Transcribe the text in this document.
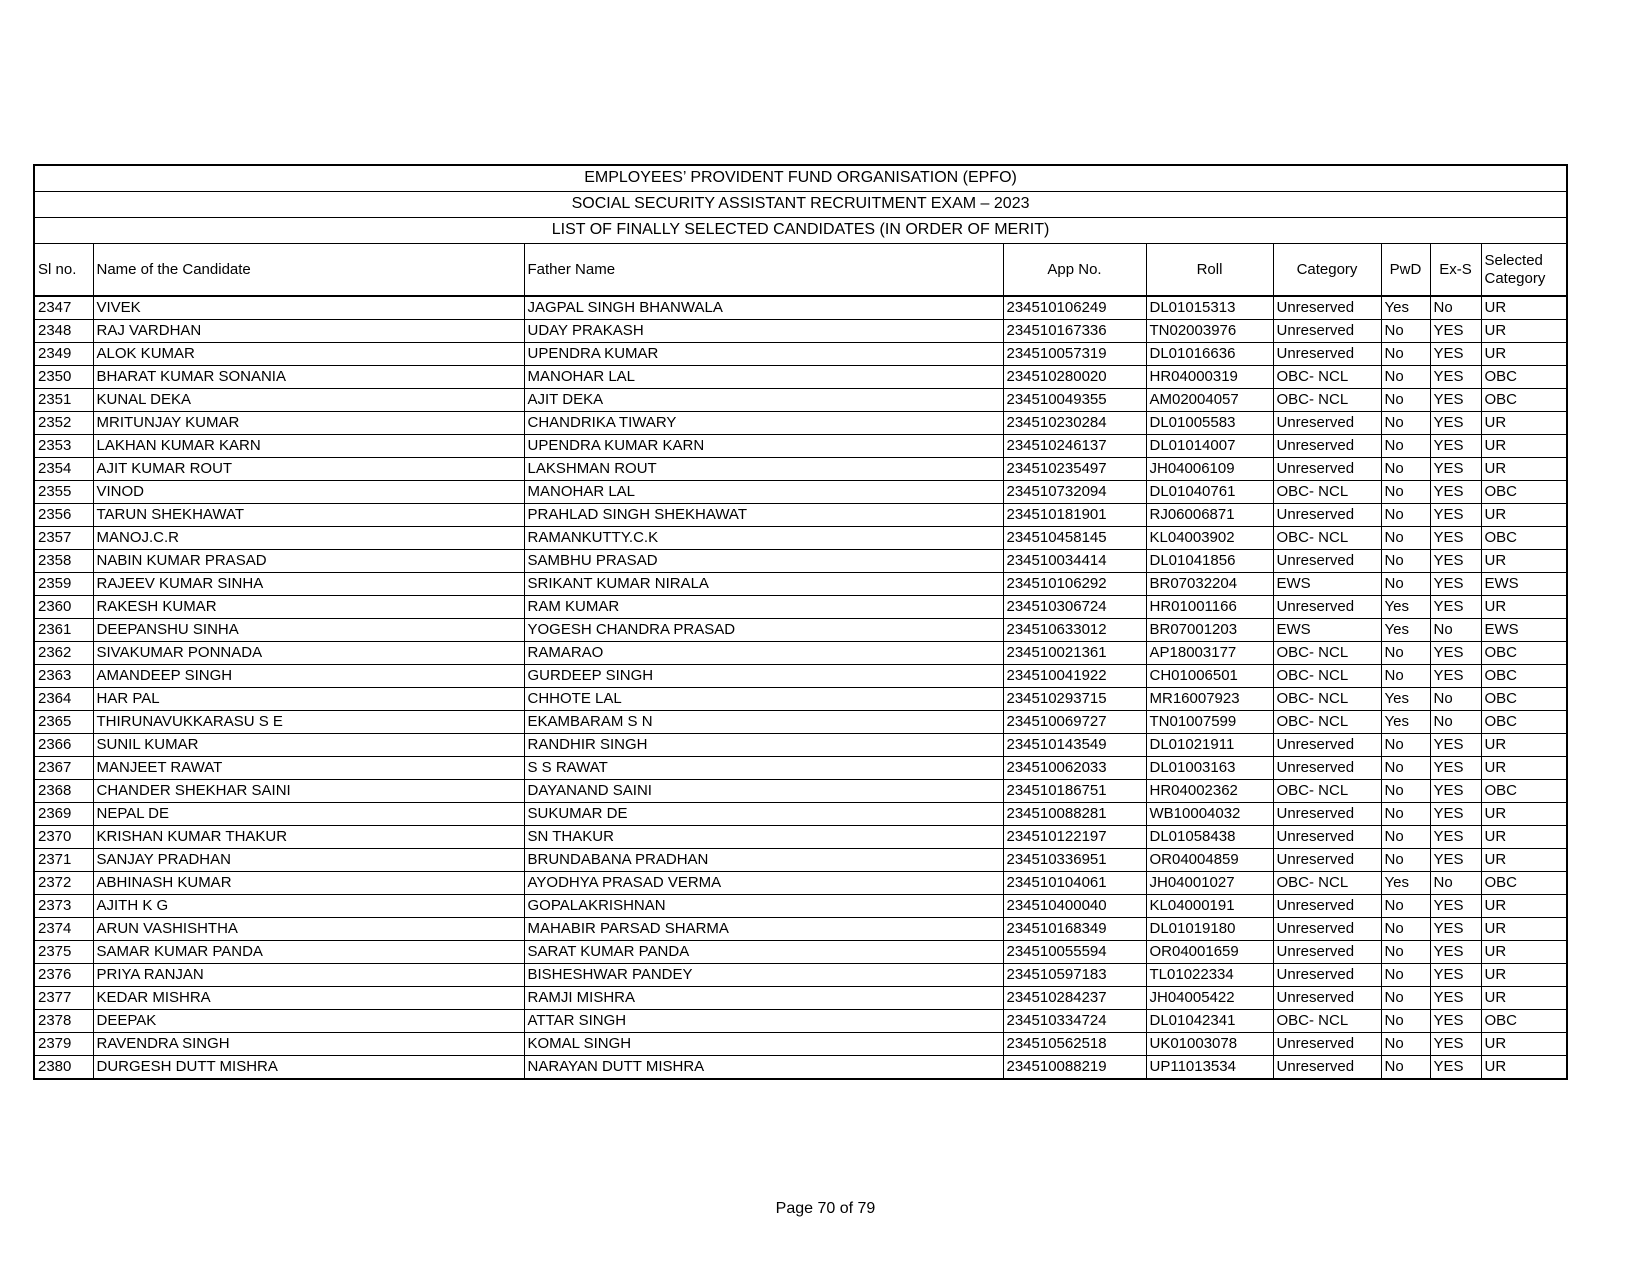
EMPLOYEES’ PROVIDENT FUND ORGANISATION (EPFO)								
SOCIAL SECURITY ASSISTANT RECRUITMENT EXAM – 2023								
LIST OF FINALLY SELECTED CANDIDATES (IN ORDER OF MERIT)								
Sl no.	Name of the Candidate	Father Name	App No.	Roll	Category	PwD	Ex-S	Selected Category
2347	VIVEK	JAGPAL SINGH BHANWALA	234510106249	DL01015313	Unreserved	Yes	No	UR
2348	RAJ VARDHAN	UDAY PRAKASH	234510167336	TN02003976	Unreserved	No	YES	UR
2349	ALOK KUMAR	UPENDRA KUMAR	234510057319	DL01016636	Unreserved	No	YES	UR
2350	BHARAT KUMAR SONANIA	MANOHAR LAL	234510280020	HR04000319	OBC- NCL	No	YES	OBC
2351	KUNAL DEKA	AJIT DEKA	234510049355	AM02004057	OBC- NCL	No	YES	OBC
2352	MRITUNJAY KUMAR	CHANDRIKA TIWARY	234510230284	DL01005583	Unreserved	No	YES	UR
2353	LAKHAN KUMAR KARN	UPENDRA KUMAR KARN	234510246137	DL01014007	Unreserved	No	YES	UR
2354	AJIT KUMAR ROUT	LAKSHMAN ROUT	234510235497	JH04006109	Unreserved	No	YES	UR
2355	VINOD	MANOHAR LAL	234510732094	DL01040761	OBC- NCL	No	YES	OBC
2356	TARUN SHEKHAWAT	PRAHLAD SINGH SHEKHAWAT	234510181901	RJ06006871	Unreserved	No	YES	UR
2357	MANOJ.C.R	RAMANKUTTY.C.K	234510458145	KL04003902	OBC- NCL	No	YES	OBC
2358	NABIN KUMAR PRASAD	SAMBHU PRASAD	234510034414	DL01041856	Unreserved	No	YES	UR
2359	RAJEEV KUMAR SINHA	SRIKANT KUMAR NIRALA	234510106292	BR07032204	EWS	No	YES	EWS
2360	RAKESH KUMAR	RAM KUMAR	234510306724	HR01001166	Unreserved	Yes	YES	UR
2361	DEEPANSHU SINHA	YOGESH CHANDRA PRASAD	234510633012	BR07001203	EWS	Yes	No	EWS
2362	SIVAKUMAR PONNADA	RAMARAO	234510021361	AP18003177	OBC- NCL	No	YES	OBC
2363	AMANDEEP SINGH	GURDEEP SINGH	234510041922	CH01006501	OBC- NCL	No	YES	OBC
2364	HAR PAL	CHHOTE LAL	234510293715	MR16007923	OBC- NCL	Yes	No	OBC
2365	THIRUNAVUKKARASU S E	EKAMBARAM S N	234510069727	TN01007599	OBC- NCL	Yes	No	OBC
2366	SUNIL KUMAR	RANDHIR SINGH	234510143549	DL01021911	Unreserved	No	YES	UR
2367	MANJEET RAWAT	S S RAWAT	234510062033	DL01003163	Unreserved	No	YES	UR
2368	CHANDER SHEKHAR SAINI	DAYANAND SAINI	234510186751	HR04002362	OBC- NCL	No	YES	OBC
2369	NEPAL DE	SUKUMAR DE	234510088281	WB10004032	Unreserved	No	YES	UR
2370	KRISHAN KUMAR THAKUR	SN THAKUR	234510122197	DL01058438	Unreserved	No	YES	UR
2371	SANJAY PRADHAN	BRUNDABANA PRADHAN	234510336951	OR04004859	Unreserved	No	YES	UR
2372	ABHINASH KUMAR	AYODHYA PRASAD VERMA	234510104061	JH04001027	OBC- NCL	Yes	No	OBC
2373	AJITH K G	GOPALAKRISHNAN	234510400040	KL04000191	Unreserved	No	YES	UR
2374	ARUN VASHISHTHA	MAHABIR PARSAD SHARMA	234510168349	DL01019180	Unreserved	No	YES	UR
2375	SAMAR KUMAR PANDA	SARAT KUMAR PANDA	234510055594	OR04001659	Unreserved	No	YES	UR
2376	PRIYA RANJAN	BISHESHWAR PANDEY	234510597183	TL01022334	Unreserved	No	YES	UR
2377	KEDAR MISHRA	RAMJI MISHRA	234510284237	JH04005422	Unreserved	No	YES	UR
2378	DEEPAK	ATTAR SINGH	234510334724	DL01042341	OBC- NCL	No	YES	OBC
2379	RAVENDRA SINGH	KOMAL SINGH	234510562518	UK01003078	Unreserved	No	YES	UR
2380	DURGESH DUTT MISHRA	NARAYAN DUTT MISHRA	234510088219	UP11013534	Unreserved	No	YES	UR
Page 70 of 79
